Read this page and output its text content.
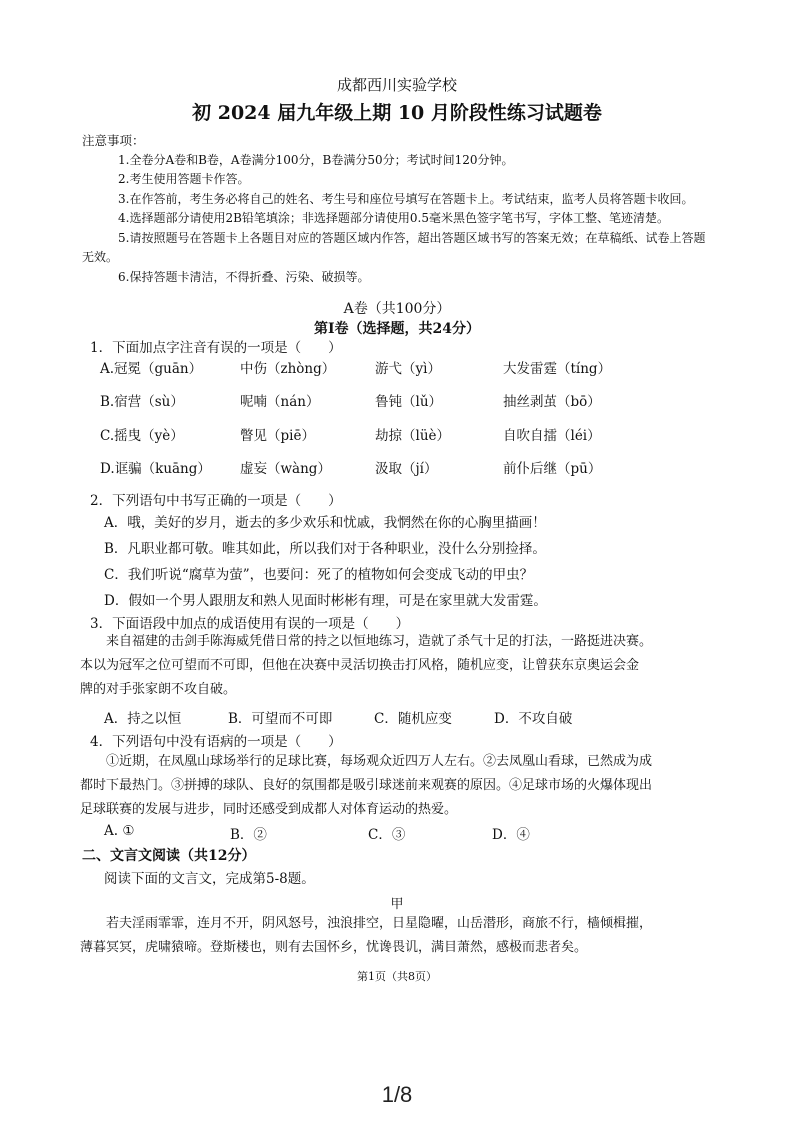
成都西川实验学校
初 2024 届九年级上期 10 月阶段性练习试题卷
注意事项：
1.全卷分A卷和B卷，A卷满分100分，B卷满分50分；考试时间120分钟。
2.考生使用答题卡作答。
3.在作答前，考生务必将自己的姓名、考生号和座位号填写在答题卡上。考试结束，监考人员将答题卡收回。
4.选择题部分请使用2B铅笔填涂；非选择题部分请使用0.5毫米黑色签字笔书写，字体工整、笔迹清楚。
5.请按照题号在答题卡上各题目对应的答题区域内作答，超出答题区域书写的答案无效；在草稿纸、试卷上答题
无效。
6.保持答题卡清洁，不得折叠、污染、破损等。
A卷（共100分）
第Ⅰ卷（选择题，共24分）
1．下面加点字注音有误的一项是（　　）
A.冠冕（guān）	中伤（zhòng）	游弋（yì）	大发雷霆（tíng）
B.宿营（sù）	呢喃（nán）	鲁钝（lǔ）	抽丝剥茧（bō）
C.摇曳（yè）	瞥见（piē）	劫掠（lüè）	自吹自擂（léi）
D.诓骗（kuāng）	虚妄（wàng）	汲取（jí）	前仆后继（pū）
2．下列语句中书写正确的一项是（　　）
A．哦，美好的岁月，逝去的多少欢乐和忧戚，我惘然在你的心胸里描画！
B．凡职业都可敬。唯其如此，所以我们对于各种职业，没什么分别捡择。
C．我们听说“腐草为萤”，也要问：死了的植物如何会变成飞动的甲虫？
D．假如一个男人跟朋友和熟人见面时彬彬有理，可是在家里就大发雷霆。
3．下面语段中加点的成语使用有误的一项是（　　）
来自福建的击剑手陈海威凭借日常的持之以恒地练习，造就了杀气十足的打法，一路挺进决赛。
本以为冠军之位可望而不可即，但他在决赛中灵活切换击打风格，随机应变，让曾获东京奥运会金
牌的对手张家朗不攻自破。
A．持之以恒	B．可望而不可即	C．随机应变	D．不攻自破
4．下列语句中没有语病的一项是（　　）
①近期，在凤凰山球场举行的足球比赛，每场观众近四万人左右。②去凤凰山看球，已然成为成
都时下最热门。③拼搏的球队、良好的氛围都是吸引球迷前来观赛的原因。④足球市场的火爆体现出
足球联赛的发展与进步，同时还感受到成都人对体育运动的热爱。
A. ①	B．②	C．③	D．④
二、文言文阅读（共12分）
阅读下面的文言文，完成第5-8题。
甲
若夫淫雨霏霏，连月不开，阴风怒号，浊浪排空，日星隐曜，山岳潜形，商旅不行，樯倾楫摧，
薄暮冥冥，虎啸猿啼。登斯楼也，则有去国怀乡，忧谗畏讥，满目萧然，感极而悲者矣。
第1页（共8页）
1/8
